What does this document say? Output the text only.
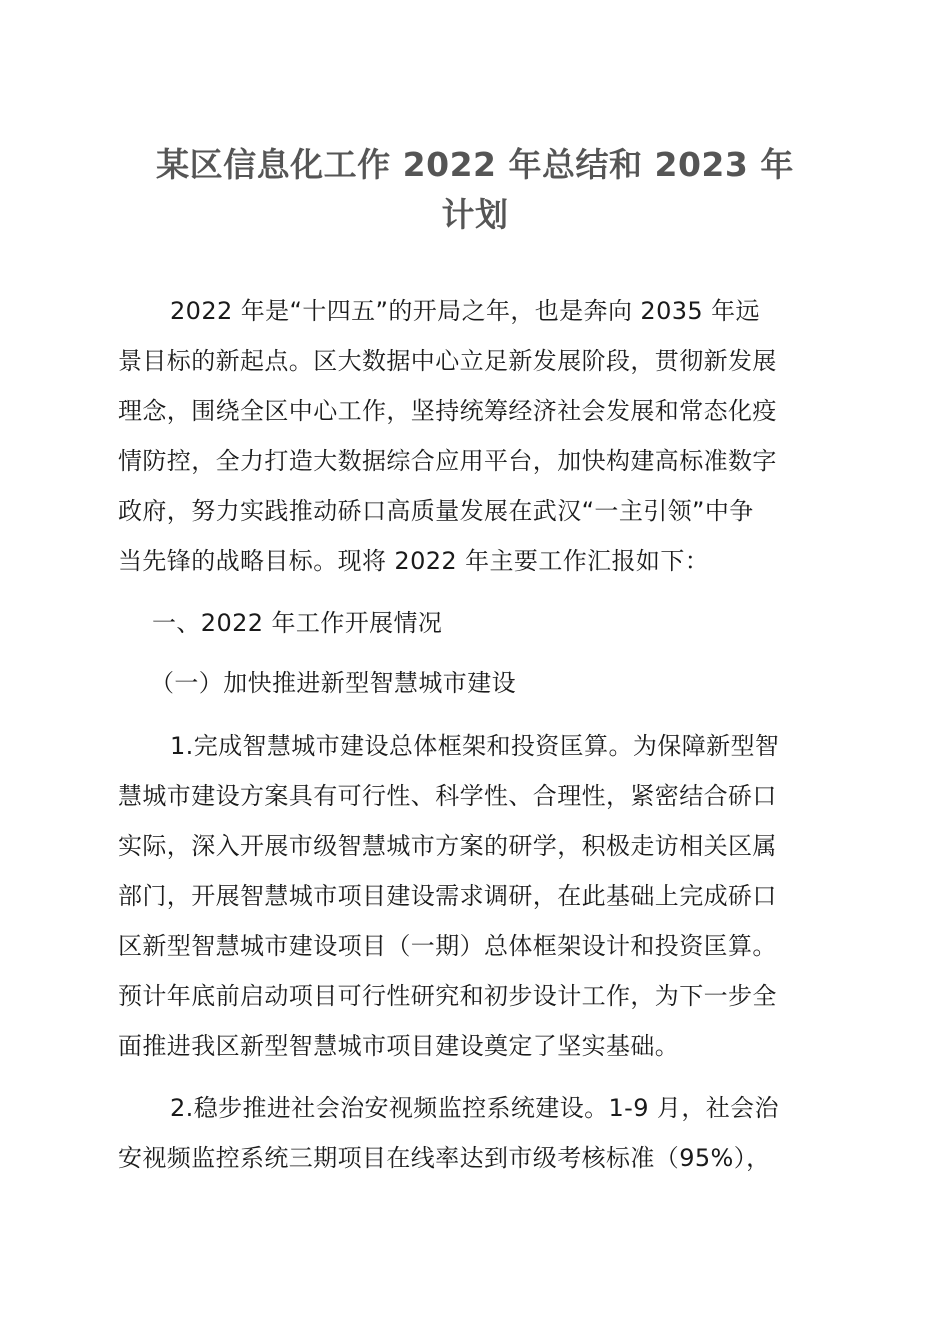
某区信息化工作 2022 年总结和 2023 年
计划
2022 年是“十四五”的开局之年，也是奔向 2035 年远
景目标的新起点。区大数据中心立足新发展阶段，贯彻新发展
理念，围绕全区中心工作，坚持统筹经济社会发展和常态化疫
情防控，全力打造大数据综合应用平台，加快构建高标准数字
政府，努力实践推动硚口高质量发展在武汉“一主引领”中争
当先锋的战略目标。现将 2022 年主要工作汇报如下：
一、2022 年工作开展情况
（一）加快推进新型智慧城市建设
1.完成智慧城市建设总体框架和投资匡算。为保障新型智
慧城市建设方案具有可行性、科学性、合理性，紧密结合硚口
实际，深入开展市级智慧城市方案的研学，积极走访相关区属
部门，开展智慧城市项目建设需求调研，在此基础上完成硚口
区新型智慧城市建设项目（一期）总体框架设计和投资匡算。
预计年底前启动项目可行性研究和初步设计工作，为下一步全
面推进我区新型智慧城市项目建设奠定了坚实基础。
2.稳步推进社会治安视频监控系统建设。1-9 月，社会治
安视频监控系统三期项目在线率达到市级考核标准（95%），
